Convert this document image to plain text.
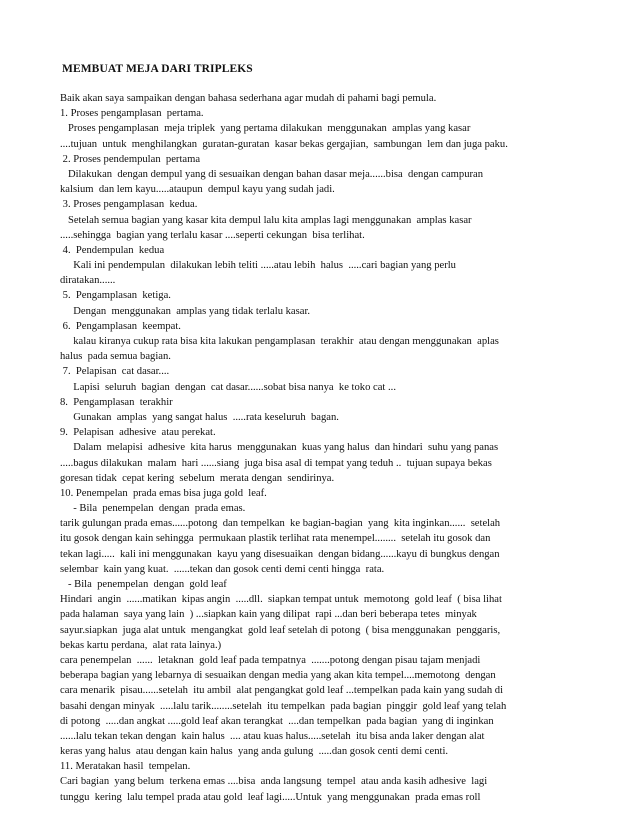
MEMBUAT MEJA DARI TRIPLEKS
Baik akan saya sampaikan dengan bahasa sederhana agar mudah di pahami bagi pemula.
1. Proses pengamplasan  pertama.
Proses pengamplasan  meja triplek  yang pertama dilakukan  menggunakan  amplas yang kasar
....tujuan  untuk  menghilangkan  guratan-guratan  kasar bekas gergajian,  sambungan  lem dan juga paku.
2. Proses pendempulan  pertama
Dilakukan  dengan dempul yang di sesuaikan dengan bahan dasar meja......bisa  dengan campuran
kalsium  dan lem kayu.....ataupun  dempul kayu yang sudah jadi.
3. Proses pengamplasan  kedua.
Setelah semua bagian yang kasar kita dempul lalu kita amplas lagi menggunakan  amplas kasar
.....sehingga  bagian yang terlalu kasar ....seperti cekungan  bisa terlihat.
4.  Pendempulan  kedua
Kali ini pendempulan  dilakukan lebih teliti .....atau lebih  halus  .....cari bagian yang perlu
diratakan......
5.  Pengamplasan  ketiga.
Dengan  menggunakan  amplas yang tidak terlalu kasar.
6.  Pengamplasan  keempat.
kalau kiranya cukup rata bisa kita lakukan pengamplasan  terakhir  atau dengan menggunakan  aplas
halus  pada semua bagian.
7.  Pelapisan  cat dasar....
Lapisi  seluruh  bagian  dengan  cat dasar......sobat bisa nanya  ke toko cat ...
8.  Pengamplasan  terakhir
Gunakan  amplas  yang sangat halus  .....rata keseluruh  bagan.
9.  Pelapisan  adhesive  atau perekat.
Dalam  melapisi  adhesive  kita harus  menggunakan  kuas yang halus  dan hindari  suhu yang panas
.....bagus dilakukan  malam  hari ......siang  juga bisa asal di tempat yang teduh ..  tujuan supaya bekas
goresan tidak  cepat kering  sebelum  merata dengan  sendirinya.
10. Penempelan  prada emas bisa juga gold  leaf.
- Bila  penempelan  dengan  prada emas.
tarik gulungan prada emas......potong  dan tempelkan  ke bagian-bagian  yang  kita inginkan......  setelah
itu gosok dengan kain sehingga  permukaan plastik terlihat rata menempel........  setelah itu gosok dan
tekan lagi.....  kali ini menggunakan  kayu yang disesuaikan  dengan bidang......kayu di bungkus dengan
selembar  kain yang kuat.  ......tekan dan gosok centi demi centi hingga  rata.
- Bila  penempelan  dengan  gold leaf
Hindari  angin  ......matikan  kipas angin  .....dll.  siapkan tempat untuk  memotong  gold leaf  ( bisa lihat
pada halaman  saya yang lain  ) ...siapkan kain yang dilipat  rapi ...dan beri beberapa tetes  minyak
sayur.siapkan  juga alat untuk  mengangkat  gold leaf setelah di potong  ( bisa menggunakan  penggaris,
bekas kartu perdana,  alat rata lainya.)
cara penempelan  ......  letaknan  gold leaf pada tempatnya  .......potong dengan pisau tajam menjadi
beberapa bagian yang lebarnya di sesuaikan dengan media yang akan kita tempel....memotong  dengan
cara menarik  pisau......setelah  itu ambil  alat pengangkat gold leaf ...tempelkan pada kain yang sudah di
basahi dengan minyak  .....lalu tarik........setelah  itu tempelkan  pada bagian  pinggir  gold leaf yang telah
di potong  .....dan angkat .....gold leaf akan terangkat  ....dan tempelkan  pada bagian  yang di inginkan
......lalu tekan tekan dengan  kain halus  .... atau kuas halus.....setelah  itu bisa anda laker dengan alat
keras yang halus  atau dengan kain halus  yang anda gulung  .....dan gosok centi demi centi.
11. Meratakan hasil  tempelan.
Cari bagian  yang belum  terkena emas ....bisa  anda langsung  tempel  atau anda kasih adhesive  lagi
tunggu  kering  lalu tempel prada atau gold  leaf lagi.....Untuk  yang menggunakan  prada emas roll
